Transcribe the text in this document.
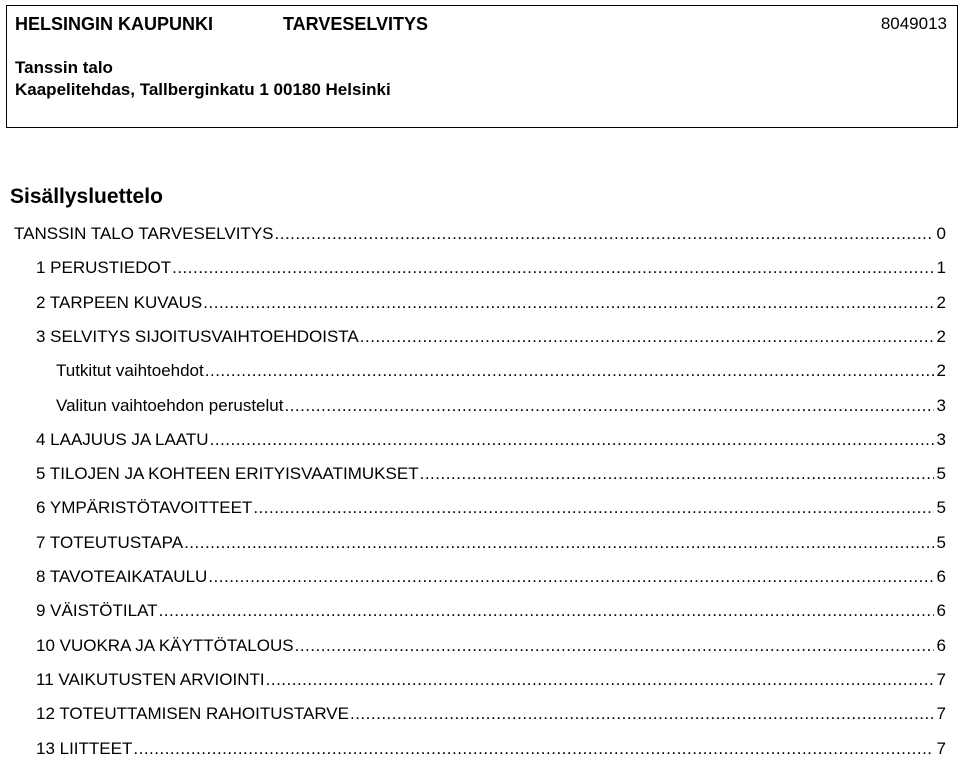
HELSINGIN KAUPUNKI	TARVESELVITYS	8049013
Tanssin talo
Kaapelitehdas, Tallberginkatu 1 00180 Helsinki
Sisällysluettelo
TANSSIN TALO TARVESELVITYS .....	0
1 PERUSTIEDOT .....	1
2 TARPEEN KUVAUS .....	2
3 SELVITYS SIJOITUSVAIHTOEHDOISTA .....	2
Tutkitut vaihtoehdot .....	2
Valitun vaihtoehdon perustelut .....	3
4 LAAJUUS JA LAATU .....	3
5 TILOJEN JA KOHTEEN ERITYISVAATIMUKSET .....	5
6 YMPÄRISTÖTAVOITTEET .....	5
7 TOTEUTUSTAPA .....	5
8 TAVOTEAIKATAULU .....	6
9 VÄISTÖTILAT .....	6
10 VUOKRA JA KÄYTTÖTALOUS .....	6
11 VAIKUTUSTEN ARVIOINTI .....	7
12 TOTEUTTAMISEN RAHOITUSTARVE .....	7
13 LIITTEET .....	7
